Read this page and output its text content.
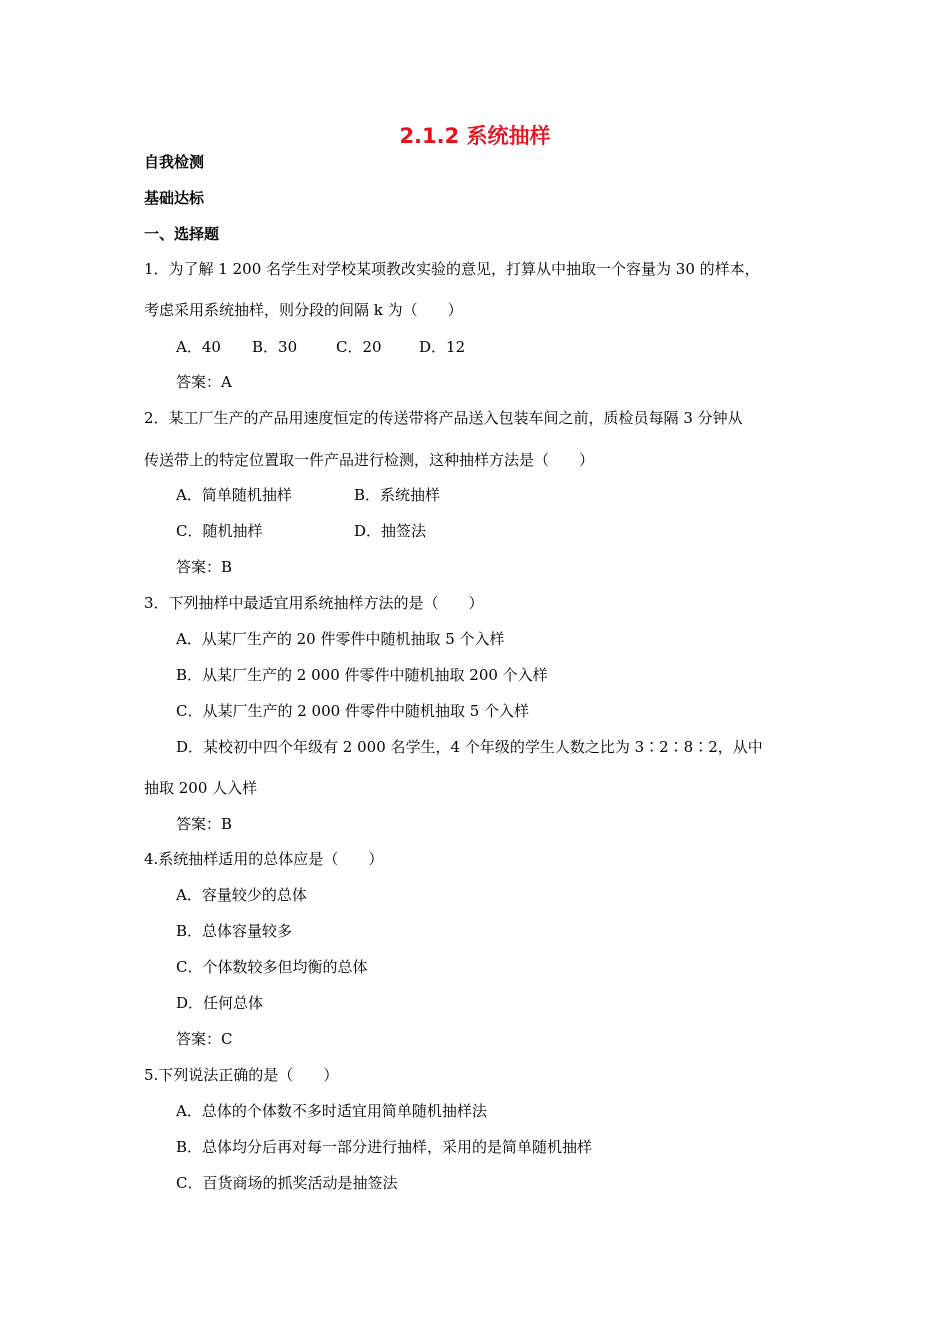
2.1.2 系统抽样
自我检测
基础达标
一、选择题
1．为了解 1 200 名学生对学校某项教改实验的意见，打算从中抽取一个容量为 30 的样本，
考虑采用系统抽样，则分段的间隔 k 为（　　）
A．40 B．30	C．20 D．12
答案：A
2．某工厂生产的产品用速度恒定的传送带将产品送入包装车间之前，质检员每隔 3 分钟从
传送带上的特定位置取一件产品进行检测，这种抽样方法是（　　）
A．简单随机抽样	B．系统抽样
C．随机抽样	D．抽签法
答案：B
3．下列抽样中最适宜用系统抽样方法的是（　　）
A．从某厂生产的 20 件零件中随机抽取 5 个入样
B．从某厂生产的 2 000 件零件中随机抽取 200 个入样
C．从某厂生产的 2 000 件零件中随机抽取 5 个入样
D．某校初中四个年级有 2 000 名学生，4 个年级的学生人数之比为 3∶2∶8∶2，从中
抽取 200 人入样
答案：B
4.系统抽样适用的总体应是（　　）
A．容量较少的总体
B．总体容量较多
C．个体数较多但均衡的总体
D．任何总体
答案：C
5.下列说法正确的是（　　）
A．总体的个体数不多时适宜用简单随机抽样法
B．总体均分后再对每一部分进行抽样，采用的是简单随机抽样
C．百货商场的抓奖活动是抽签法
